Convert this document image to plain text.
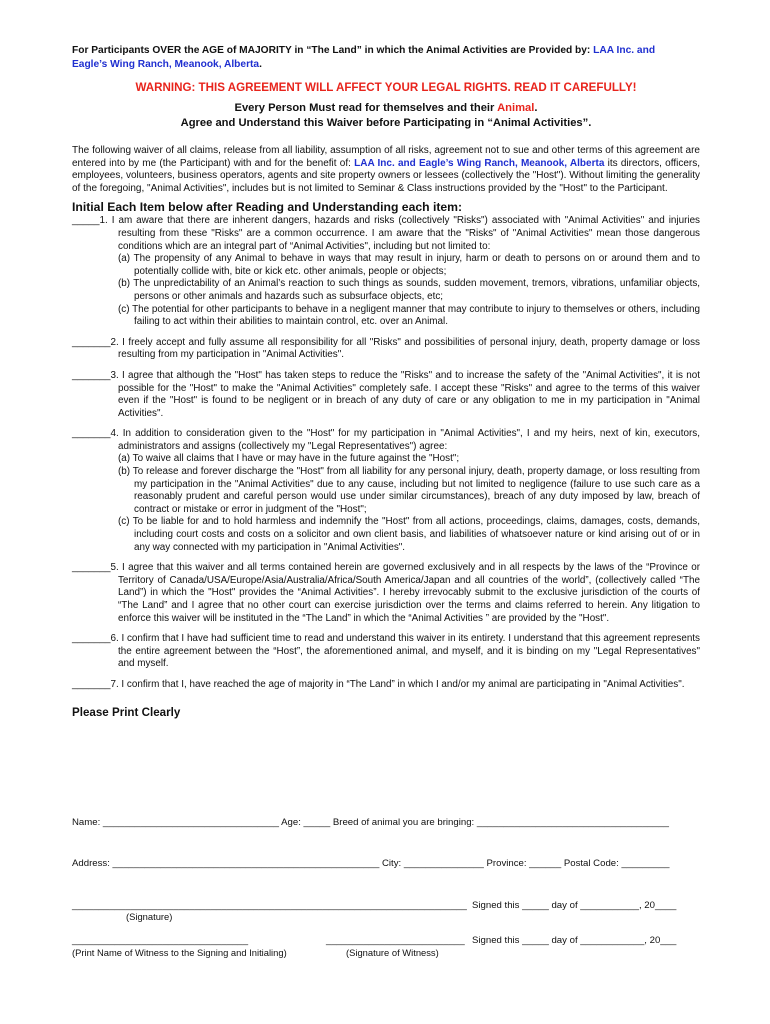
For Participants OVER the AGE of MAJORITY in “The Land” in which the Animal Activities are Provided by: LAA Inc. and

Eagle’s Wing Ranch, Meanook, Alberta.

WARNING: THIS AGREEMENT WILL AFFECT YOUR LEGAL RIGHTS. READ IT CAREFULLY!

Every Person Must read for themselves and their Animal.

Agree and Understand this Waiver before Participating in “Animal Activities”.

The following waiver of all claims, release from all liability, assumption of all risks, agreement not to sue and other terms of this agreement are entered into by me (the Participant) with and for the benefit of: LAA Inc. and Eagle’s Wing Ranch, Meanook, Alberta its directors, officers, employees, volunteers, business operators, agents and site property owners or lessees (collectively the "Host"). Without limiting the generality of the foregoing, "Animal Activities", includes but is not limited to Seminar & Class instructions provided by the "Host" to the Participant.

Initial Each Item below after Reading and Understanding each item:

_____1. I am aware that there are inherent dangers, hazards and risks (collectively "Risks") associated with "Animal Activities" and injuries resulting from these "Risks" are a common occurrence. I am aware that the "Risks" of "Animal Activities" mean those dangerous conditions which are an integral part of “Animal Activities", including but not limited to:

(a) The propensity of any Animal to behave in ways that may result in injury, harm or death to persons on or around them and to potentially collide with, bite or kick etc. other animals, people or objects;

(b) The unpredictability of an Animal’s reaction to such things as sounds, sudden movement, tremors, vibrations, unfamiliar objects, persons or other animals and hazards such as subsurface objects, etc;

(c) The potential for other participants to behave in a negligent manner that may contribute to injury to themselves or others, including failing to act within their abilities to maintain control, etc. over an Animal.

_______2. I freely accept and fully assume all responsibility for all "Risks" and possibilities of personal injury, death, property damage or loss resulting from my participation in "Animal Activities".

_______3. I agree that although the "Host" has taken steps to reduce the "Risks" and to increase the safety of the "Animal Activities", it is not possible for the "Host" to make the "Animal Activities" completely safe. I accept these "Risks" and agree to the terms of this waiver even if the "Host" is found to be negligent or in breach of any duty of care or any obligation to me in my participation in "Animal Activities".

_______4. In addition to consideration given to the "Host" for my participation in "Animal Activities", I and my heirs, next of kin, executors, administrators and assigns (collectively my "Legal Representatives") agree:

(a) To waive all claims that I have or may have in the future against the "Host";

(b) To release and forever discharge the "Host" from all liability for any personal injury, death, property damage, or loss resulting from my participation in the "Animal Activities" due to any cause, including but not limited to negligence (failure to use such care as a reasonably prudent and careful person would use under similar circumstances), breach of any duty imposed by law, breach of contract or mistake or error in judgment of the "Host";

(c) To be liable for and to hold harmless and indemnify the "Host" from all actions, proceedings, claims, damages, costs, demands, including court costs and costs on a solicitor and own client basis, and liabilities of whatsoever nature or kind arising out of or in any way connected with my participation in "Animal Activities".

_______5. I agree that this waiver and all terms contained herein are governed exclusively and in all respects by the laws of the “Province or Territory of Canada/USA/Europe/Asia/Australia/Africa/South America/Japan and all countries of the world”, (collectively called “The Land”) in which the "Host" provides the “Animal Activities”. I hereby irrevocably submit to the exclusive jurisdiction of the courts of “The Land” and I agree that no other court can exercise jurisdiction over the terms and claims referred to herein. Any litigation to enforce this waiver will be instituted in the “The Land” in which the “Animal Activities ” are provided by the "Host".

_______6. I confirm that I have had sufficient time to read and understand this waiver in its entirety. I understand that this agreement represents the entire agreement between the “Host”, the aforementioned animal, and myself, and it is binding on my "Legal Representatives" and myself.

_______7. I confirm that I, have reached the age of majority in “The Land” in which I and/or my animal are participating in "Animal Activities".

Please Print Clearly

Name: _________________________________ Age: _____ Breed of animal you are bringing: ____________________________________
Address: __________________________________________________ City: _______________ Province: ______ Postal Code: _________
__________________________________________________________________________ Signed this _____ day of ___________, 20____
(Signature)
_________________________________	__________________________ Signed this _____ day of ____________, 20___
(Print Name of Witness to the Signing and Initialing)	(Signature of Witness)
